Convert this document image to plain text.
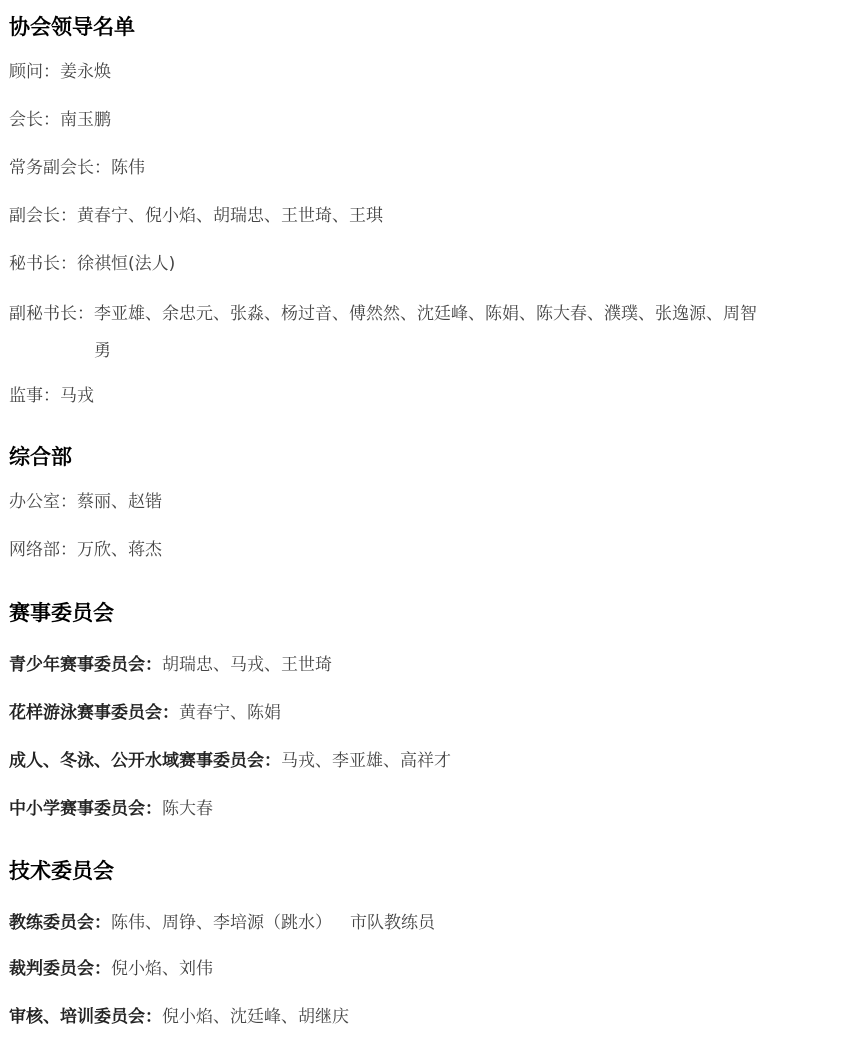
协会领导名单
顾问： 姜永焕
会长： 南玉鹏
常务副会长： 陈伟
副会长： 黄春宁、倪小焰、胡瑞忠、王世琦、王琪
秘书长： 徐祺恒(法人)
副秘书长： 李亚雄、余忠元、张淼、杨过音、傅然然、沈廷峰、陈娟、陈大春、濮璞、张逸源、周智勇
监事： 马戎
综合部
办公室： 蔡丽、赵锴
网络部： 万欣、蒋杰
赛事委员会
青少年赛事委员会： 胡瑞忠、马戎、王世琦
花样游泳赛事委员会： 黄春宁、陈娟
成人、冬泳、公开水域赛事委员会： 马戎、李亚雄、高祥才
中小学赛事委员会： 陈大春
技术委员会
教练委员会： 陈伟、周铮、李培源（跳水） 市队教练员
裁判委员会： 倪小焰、刘伟
审核、培训委员会： 倪小焰、沈廷峰、胡继庆
